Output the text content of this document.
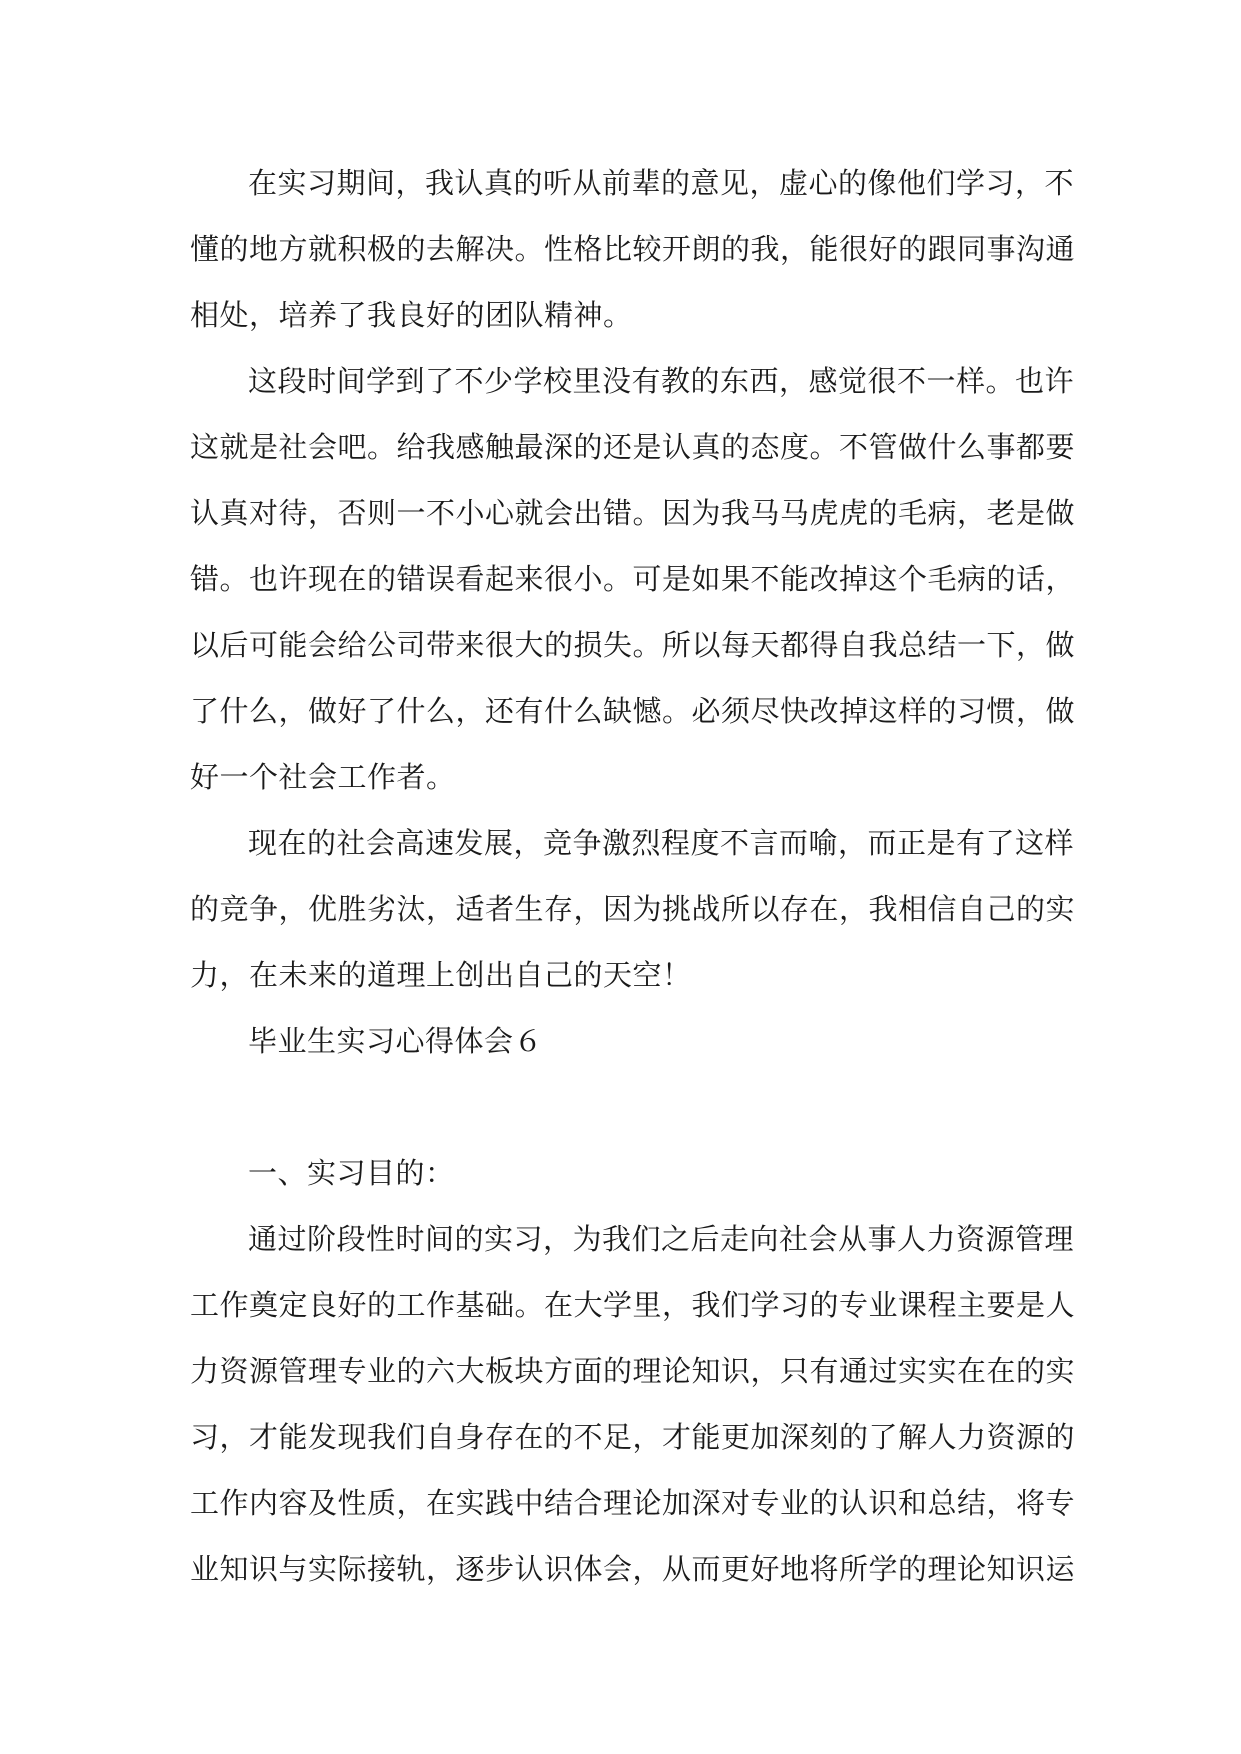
在实习期间，我认真的听从前辈的意见，虚心的像他们学习，不
懂的地方就积极的去解决。性格比较开朗的我，能很好的跟同事沟通
相处，培养了我良好的团队精神。
这段时间学到了不少学校里没有教的东西，感觉很不一样。也许
这就是社会吧。给我感触最深的还是认真的态度。不管做什么事都要
认真对待，否则一不小心就会出错。因为我马马虎虎的毛病，老是做
错。也许现在的错误看起来很小。可是如果不能改掉这个毛病的话，
以后可能会给公司带来很大的损失。所以每天都得自我总结一下，做
了什么，做好了什么，还有什么缺憾。必须尽快改掉这样的习惯，做
好一个社会工作者。
现在的社会高速发展，竞争激烈程度不言而喻，而正是有了这样
的竞争，优胜劣汰，适者生存，因为挑战所以存在，我相信自己的实
力，在未来的道理上创出自己的天空！
毕业生实习心得体会６
一、实习目的：
通过阶段性时间的实习，为我们之后走向社会从事人力资源管理
工作奠定良好的工作基础。在大学里，我们学习的专业课程主要是人
力资源管理专业的六大板块方面的理论知识，只有通过实实在在的实
习，才能发现我们自身存在的不足，才能更加深刻的了解人力资源的
工作内容及性质，在实践中结合理论加深对专业的认识和总结，将专
业知识与实际接轨，逐步认识体会，从而更好地将所学的理论知识运
